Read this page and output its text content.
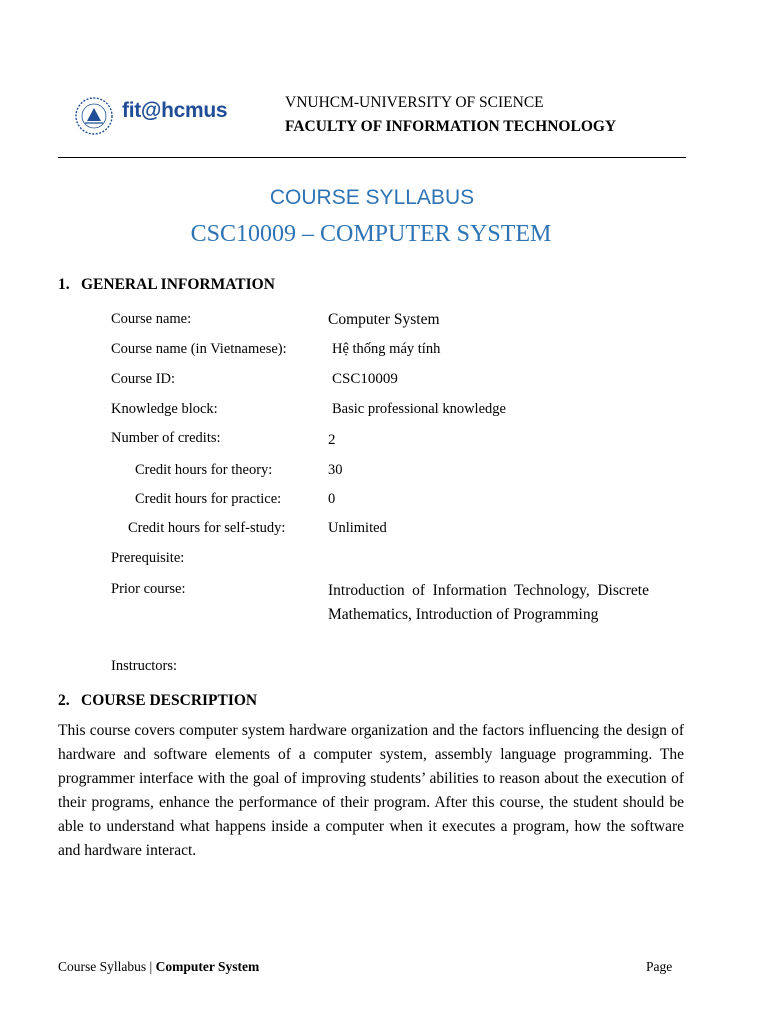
fit@hcmus	VNUHCM-UNIVERSITY OF SCIENCE
FACULTY OF INFORMATION TECHNOLOGY
COURSE SYLLABUS
CSC10009 – COMPUTER SYSTEM
1. GENERAL INFORMATION
Course name:	Computer System
Course name (in Vietnamese):	Hệ thống máy tính
Course ID:	CSC10009
Knowledge block:	Basic professional knowledge
Number of credits:	2
Credit hours for theory:	30
Credit hours for practice:	0
Credit hours for self-study:	Unlimited
Prerequisite:
Prior course:	Introduction of Information Technology, Discrete Mathematics, Introduction of Programming
Instructors:
2. COURSE DESCRIPTION
This course covers computer system hardware organization and the factors influencing the design of hardware and software elements of a computer system, assembly language programming. The programmer interface with the goal of improving students’ abilities to reason about the execution of their programs, enhance the performance of their program. After this course, the student should be able to understand what happens inside a computer when it executes a program, how the software and hardware interact.
Course Syllabus | Computer System	Page
